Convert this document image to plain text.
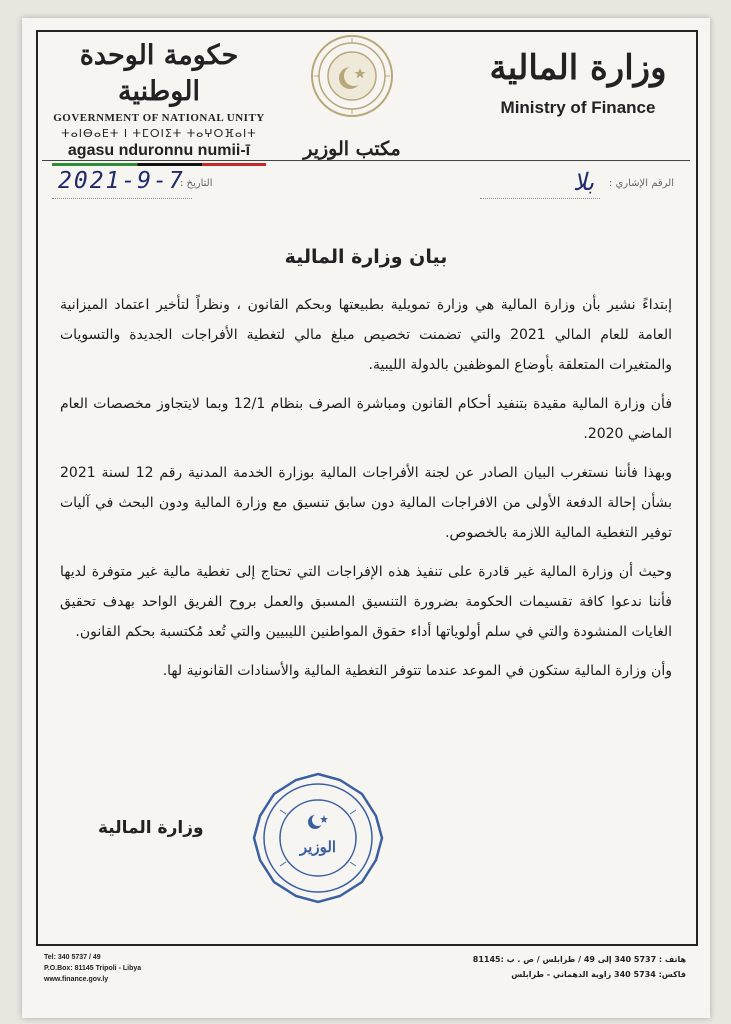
حكومة الوحدة الوطنية
GOVERNMENT OF NATIONAL UNITY
ⵜⴰⵏⴱⴰⴹⵜ ⵏ ⵜⵎⵔⵏⵉⵜ ⵜⴰⵖⵔⴼⴰⵏⵜ
agasu nduronnu numii-ī	مكتب الوزير
وزارة المالية
Ministry of Finance
2021-9-7
التاريخ :	بلا الرقم الإشاري :
بيان وزارة المالية

إبتداءً نشير بأن وزارة المالية هي وزارة تمويلية بطبيعتها وبحكم القانون ، ونظراً لتأخير اعتماد الميزانية العامة للعام المالي 2021 والتي تضمنت تخصيص مبلغ مالي لتغطية الأفراجات الجديدة والتسويات والمتغيرات المتعلقة بأوضاع الموظفين بالدولة الليبية.

فأن وزارة المالية مقيدة بتنفيد أحكام القانون ومباشرة الصرف بنظام 12/1 وبما لايتجاوز مخصصات العام الماضي 2020.

وبهذا فأننا نستغرب البيان الصادر عن لجنة الأفراجات المالية بوزارة الخدمة المدنية رقم 12 لسنة 2021 بشأن إحالة الدفعة الأولى من الافراجات المالية دون سابق تنسيق مع وزارة المالية ودون البحث في آليات توفير التغطية المالية اللازمة بالخصوص.

وحيث أن وزارة المالية غير قادرة على تنفيذ هذه الإفراجات التي تحتاج إلى تغطية مالية غير متوفرة لديها فأننا ندعوا كافة تقسيمات الحكومة بضرورة التنسيق المسبق والعمل بروح الفريق الواحد بهدف تحقيق الغايات المنشودة والتي في سلم أولوياتها أداء حقوق المواطنين الليبيين والتي تُعد مُكتسبة بحكم القانون.

وأن وزارة المالية ستكون في الموعد عندما تتوفر التغطية المالية والأسنادات القانونية لها.

الوزير
وزارة المالية
Tel: 340 5737 / 49
P.O.Box: 81145 Tripoli - Libya
www.finance.gov.ly
هاتف : 5737 340 إلى 49 / طرابلس / ص . ب :81145
فاكس: 5734 340 زاوية الدهماني - طرابلس
